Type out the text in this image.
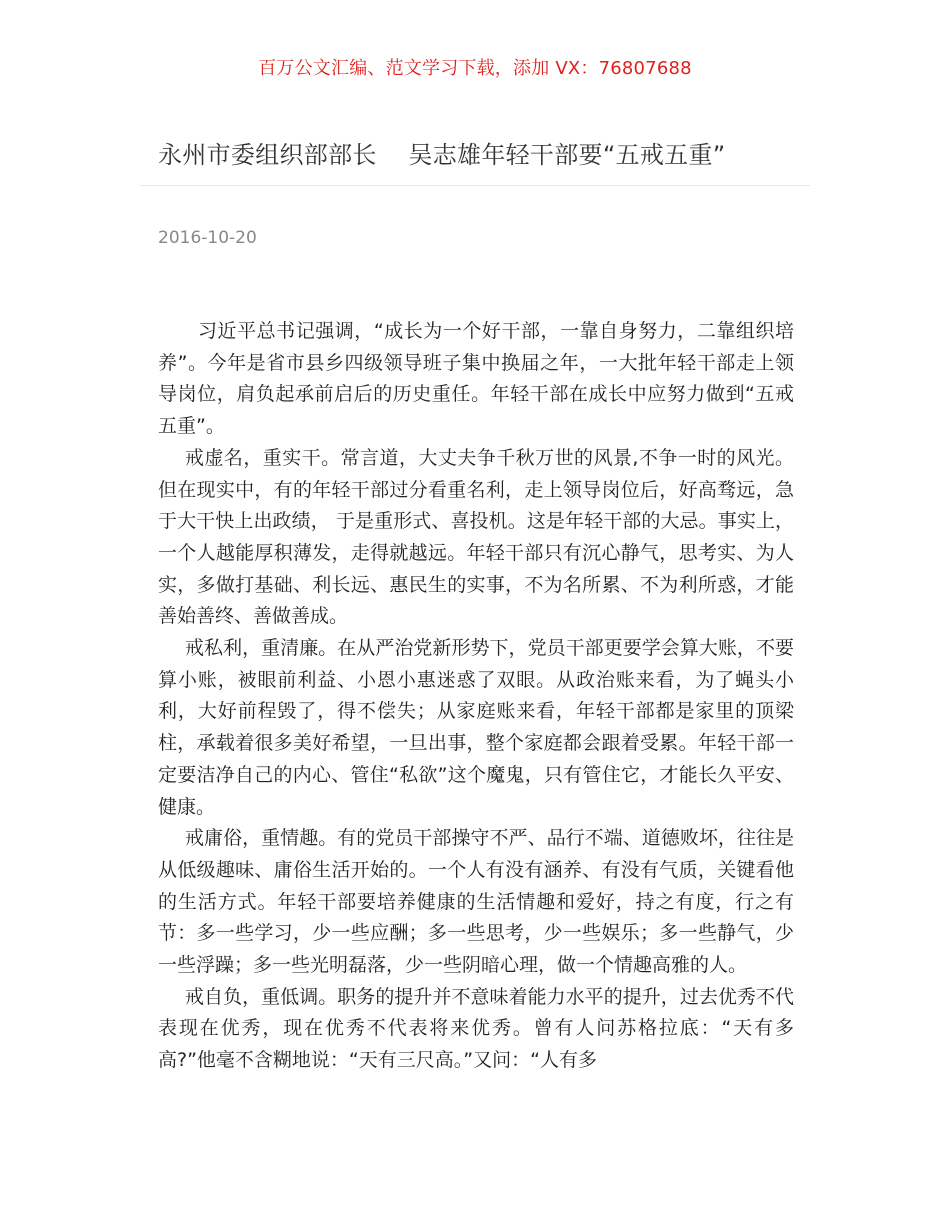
百万公文汇编、范文学习下载，添加 VX：76807688
永州市委组织部部长    吴志雄年轻干部要“五戒五重”
2016-10-20

习近平总书记强调，“成长为一个好干部，一靠自身努力，二靠组织培养”。今年是省市县乡四级领导班子集中换届之年，一大批年轻干部走上领导岗位，肩负起承前启后的历史重任。年轻干部在成长中应努力做到“五戒五重”。

戒虚名，重实干。常言道，大丈夫争千秋万世的风景,不争一时的风光。但在现实中，有的年轻干部过分看重名利，走上领导岗位后，好高骛远，急于大干快上出政绩， 于是重形式、喜投机。这是年轻干部的大忌。事实上，一个人越能厚积薄发，走得就越远。年轻干部只有沉心静气，思考实、为人实，多做打基础、利长远、惠民生的实事，不为名所累、不为利所惑，才能善始善终、善做善成。

戒私利，重清廉。在从严治党新形势下，党员干部更要学会算大账，不要算小账，被眼前利益、小恩小惠迷惑了双眼。从政治账来看，为了蝇头小利，大好前程毁了，得不偿失；从家庭账来看，年轻干部都是家里的顶梁柱，承载着很多美好希望，一旦出事，整个家庭都会跟着受累。年轻干部一定要洁净自己的内心、管住“私欲”这个魔鬼，只有管住它，才能长久平安、健康。

戒庸俗，重情趣。有的党员干部操守不严、品行不端、道德败坏，往往是从低级趣味、庸俗生活开始的。一个人有没有涵养、有没有气质，关键看他的生活方式。年轻干部要培养健康的生活情趣和爱好，持之有度，行之有节：多一些学习，少一些应酬；多一些思考，少一些娱乐；多一些静气，少一些浮躁；多一些光明磊落，少一些阴暗心理，做一个情趣高雅的人。

戒自负，重低调。职务的提升并不意味着能力水平的提升，过去优秀不代表现在优秀，现在优秀不代表将来优秀。曾有人问苏格拉底：“天有多高?”他毫不含糊地说：“天有三尺高。”又问：“人有多
